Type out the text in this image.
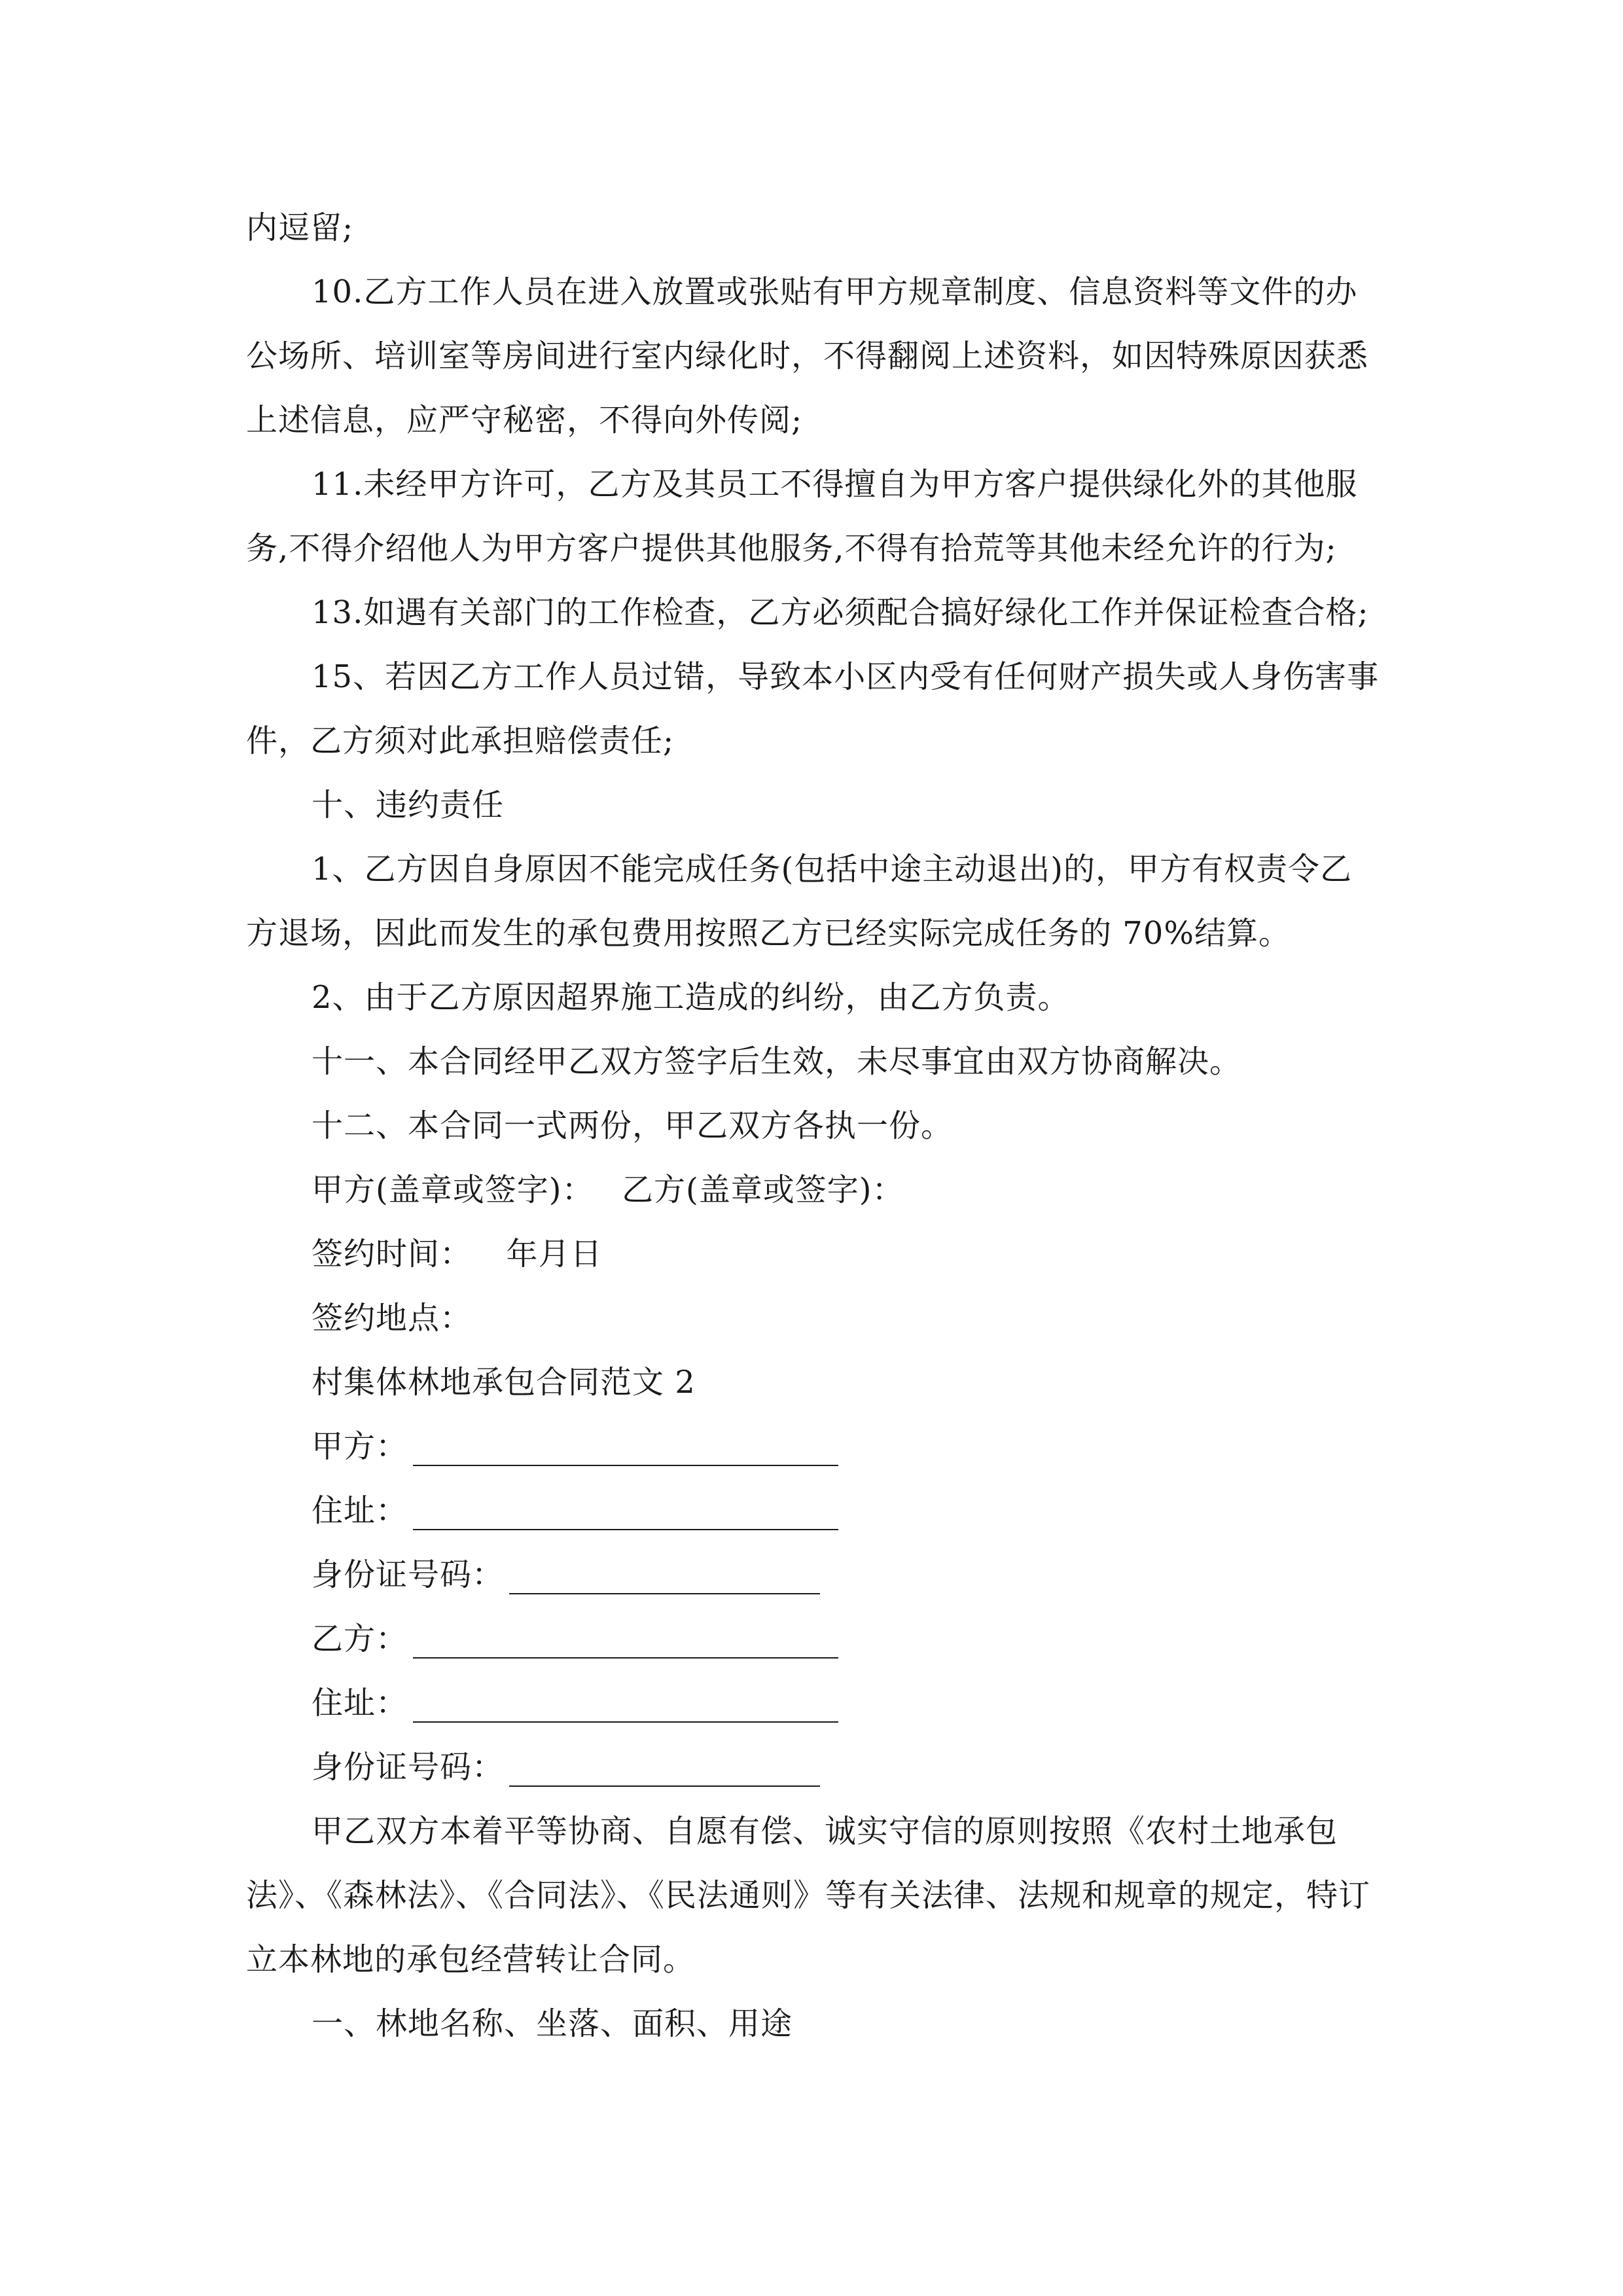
内逗留;
10.乙方工作人员在进入放置或张贴有甲方规章制度、信息资料等文件的办
公场所、培训室等房间进行室内绿化时，不得翻阅上述资料，如因特殊原因获悉
上述信息，应严守秘密，不得向外传阅;
11.未经甲方许可，乙方及其员工不得擅自为甲方客户提供绿化外的其他服
务,不得介绍他人为甲方客户提供其他服务,不得有拾荒等其他未经允许的行为;
13.如遇有关部门的工作检查，乙方必须配合搞好绿化工作并保证检查合格;
15、若因乙方工作人员过错，导致本小区内受有任何财产损失或人身伤害事
件，乙方须对此承担赔偿责任;
十、违约责任
1、乙方因自身原因不能完成任务(包括中途主动退出)的，甲方有权责令乙
方退场，因此而发生的承包费用按照乙方已经实际完成任务的 70%结算。
2、由于乙方原因超界施工造成的纠纷，由乙方负责。
十一、本合同经甲乙双方签字后生效，未尽事宜由双方协商解决。
十二、本合同一式两份，甲乙双方各执一份。
甲方(盖章或签字)： 乙方(盖章或签字)：
签约时间： 年月日
签约地点：
村集体林地承包合同范文 2
甲方：
住址：
身份证号码：
乙方：
住址：
身份证号码：
甲乙双方本着平等协商、自愿有偿、诚实守信的原则按照《农村土地承包
法》、《森林法》、《合同法》、《民法通则》等有关法律、法规和规章的规定，特订
立本林地的承包经营转让合同。
一、林地名称、坐落、面积、用途
